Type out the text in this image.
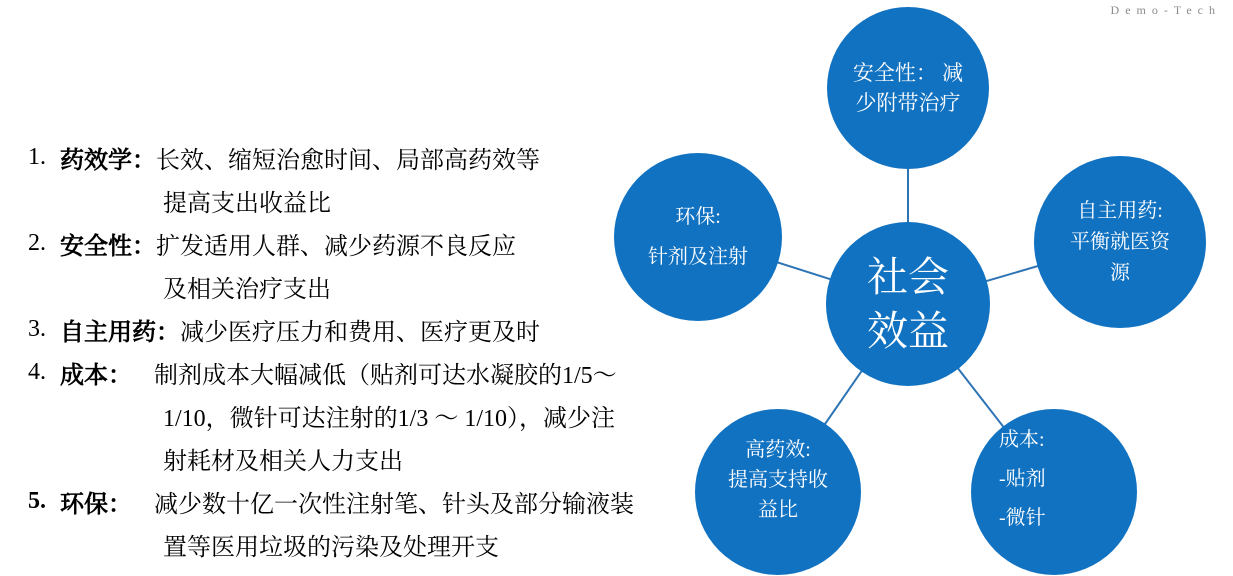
Demo-Tech
1. 药效学： 长效、缩短治愈时间、局部高药效等
提高支出收益比
2. 安全性： 扩发适用人群、减少药源不良反应
及相关治疗支出
3. 自主用药： 减少医疗压力和费用、医疗更及时
4. 成本： 制剂成本大幅减低（贴剂可达水凝胶的1/5〜
1/10，微针可达注射的1/3 〜 1/10），减少注
射耗材及相关人力支出
5. 环保： 减少数十亿一次性注射笔、针头及部分输液装
置等医用垃圾的污染及处理开支
安全性： 减
少附带治疗
环保:
针剂及注射
自主用药:
平衡就医资
源
社会
效益
高药效:
提高支持收
益比
成本:
-贴剂
-微针
